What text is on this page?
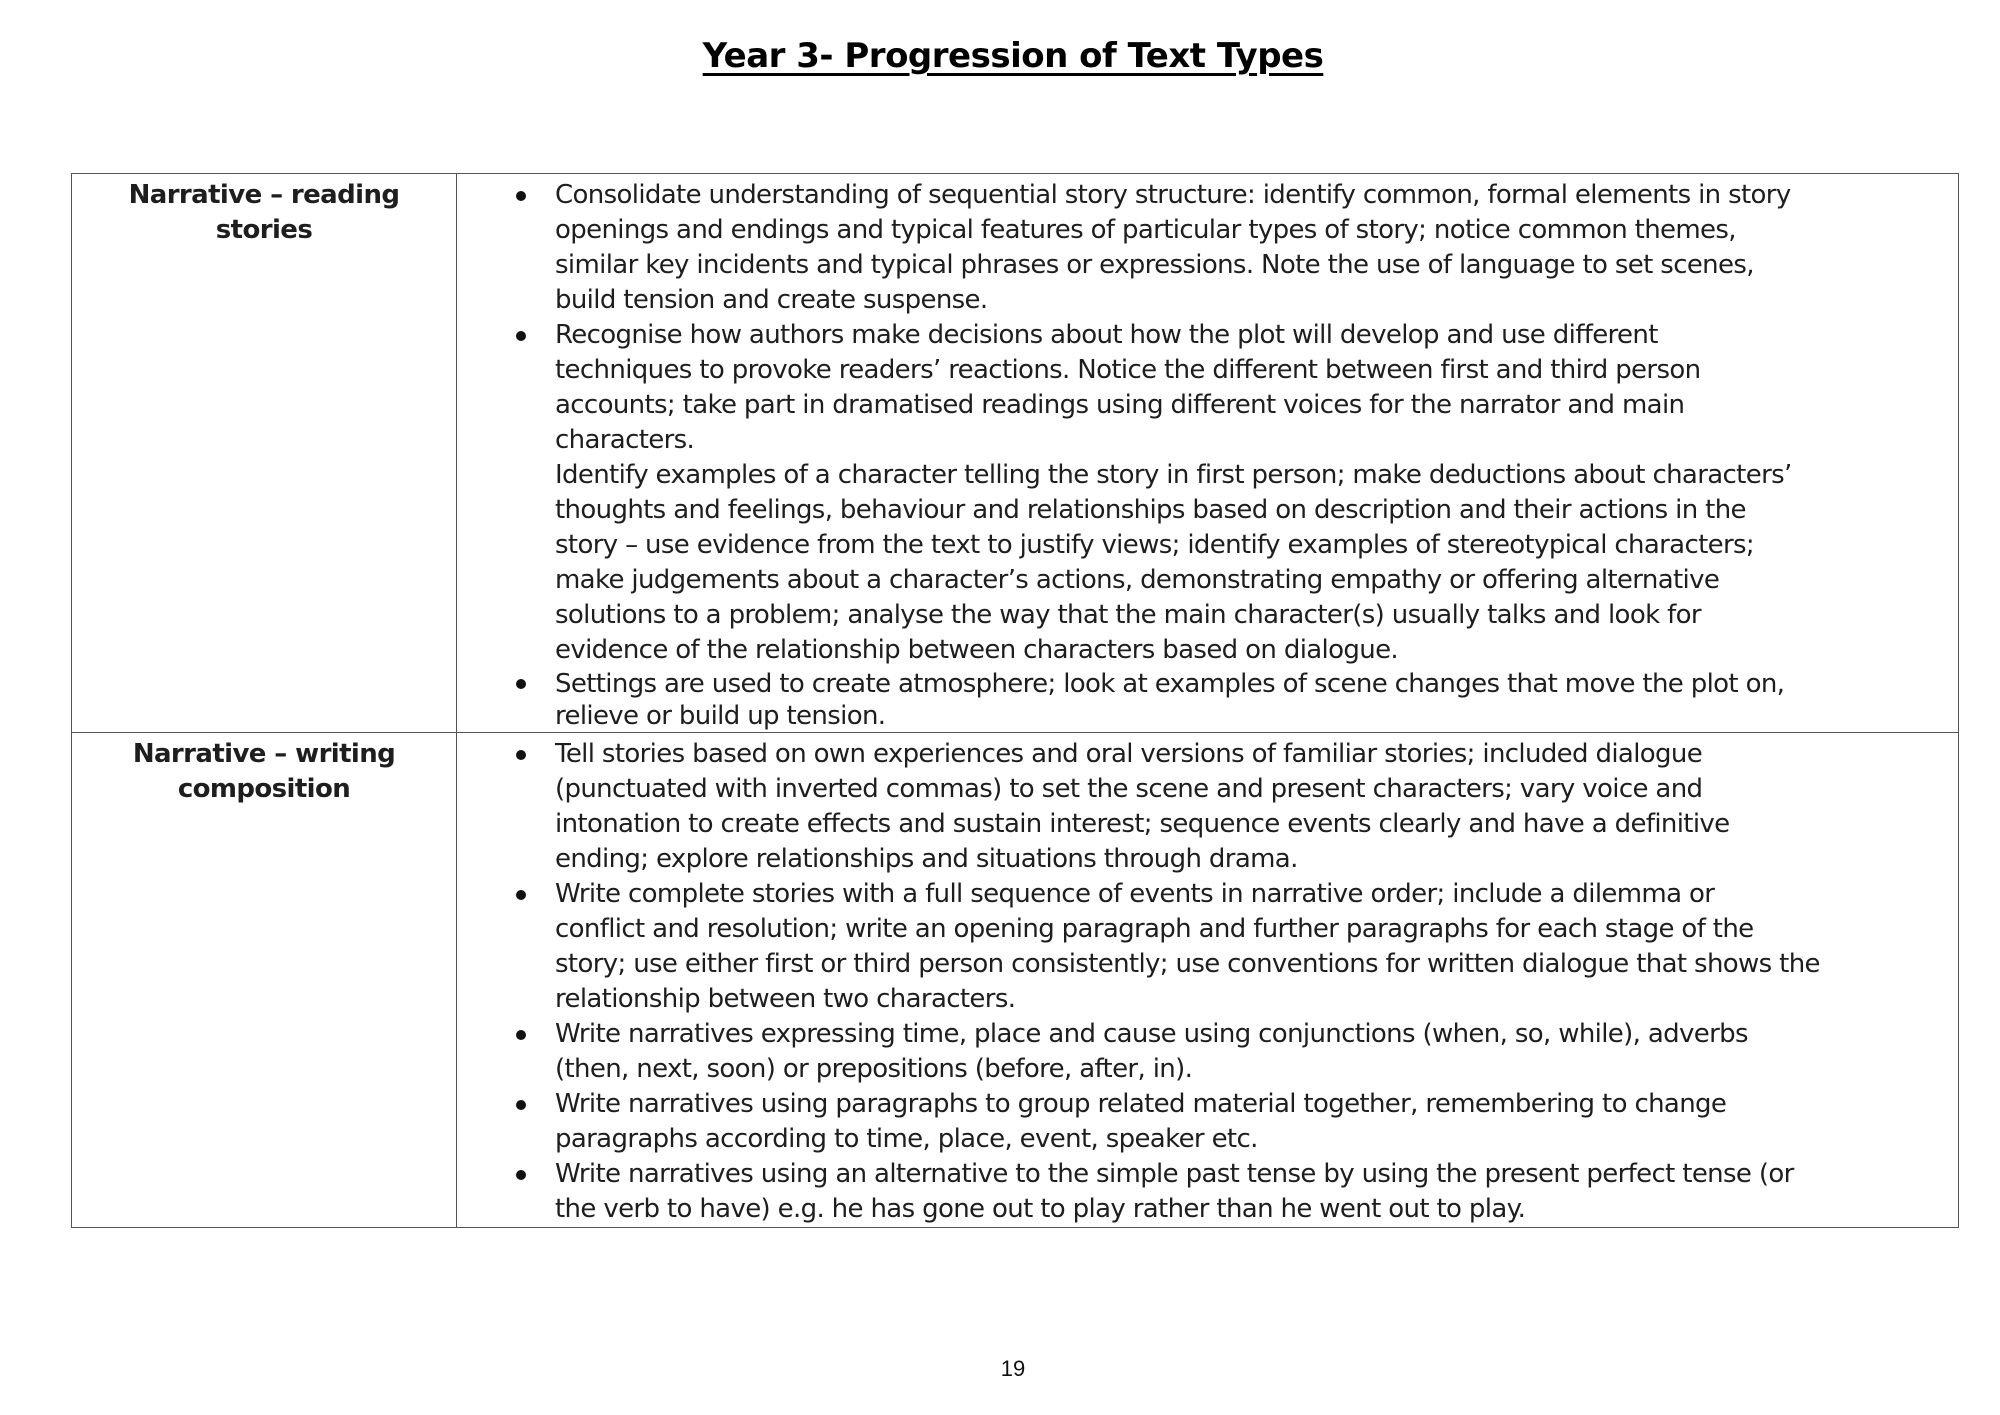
Year 3- Progression of Text Types
Narrative – reading
stories

Consolidate understanding of sequential story structure: identify common, formal elements in story
openings and endings and typical features of particular types of story; notice common themes,
similar key incidents and typical phrases or expressions. Note the use of language to set scenes,
build tension and create suspense.
Recognise how authors make decisions about how the plot will develop and use different
techniques to provoke readers’ reactions. Notice the different between first and third person
accounts; take part in dramatised readings using different voices for the narrator and main
characters.
Identify examples of a character telling the story in first person; make deductions about characters’
thoughts and feelings, behaviour and relationships based on description and their actions in the
story – use evidence from the text to justify views; identify examples of stereotypical characters;
make judgements about a character’s actions, demonstrating empathy or offering alternative
solutions to a problem; analyse the way that the main character(s) usually talks and look for
evidence of the relationship between characters based on dialogue.
Settings are used to create atmosphere; look at examples of scene changes that move the plot on,
relieve or build up tension.

Narrative – writing
composition

Tell stories based on own experiences and oral versions of familiar stories; included dialogue
(punctuated with inverted commas) to set the scene and present characters; vary voice and
intonation to create effects and sustain interest; sequence events clearly and have a definitive
ending; explore relationships and situations through drama.
Write complete stories with a full sequence of events in narrative order; include a dilemma or
conflict and resolution; write an opening paragraph and further paragraphs for each stage of the
story; use either first or third person consistently; use conventions for written dialogue that shows the
relationship between two characters.
Write narratives expressing time, place and cause using conjunctions (when, so, while), adverbs
(then, next, soon) or prepositions (before, after, in).
Write narratives using paragraphs to group related material together, remembering to change
paragraphs according to time, place, event, speaker etc.
Write narratives using an alternative to the simple past tense by using the present perfect tense (or
the verb to have) e.g. he has gone out to play rather than he went out to play.
19
